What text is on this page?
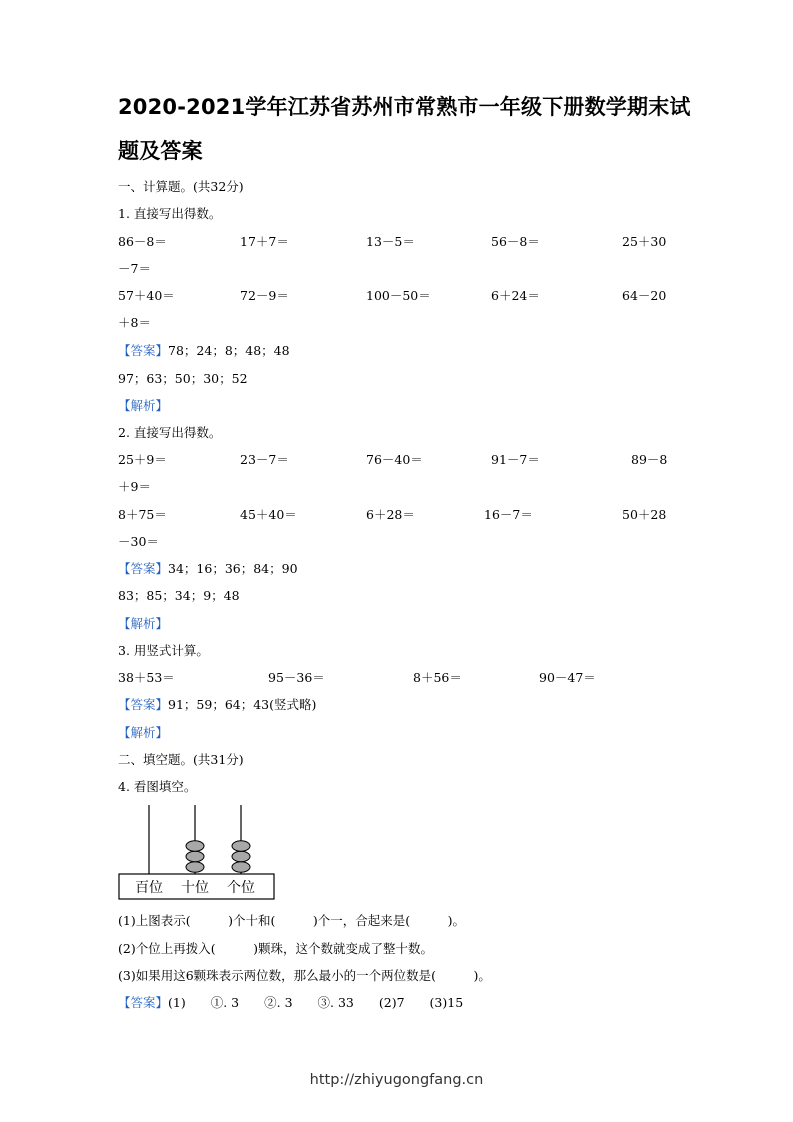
2020-2021学年江苏省苏州市常熟市一年级下册数学期末试
题及答案
一、计算题。(共32分)
1. 直接写出得数。
86－8＝	17＋7＝	13－5＝	56－8＝	25＋30
－7＝
57＋40＝	72－9＝	100－50＝	6＋24＝	64－20
＋8＝
【答案】78；24；8；48；48
97；63；50；30；52
【解析】
2. 直接写出得数。
25＋9＝	23－7＝	76－40＝	91－7＝	89－8
＋9＝
8＋75＝	45＋40＝	6＋28＝	16－7＝	50＋28
－30＝
【答案】34；16；36；84；90
83；85；34；9；48
【解析】
3. 用竖式计算。
38＋53＝	95－36＝	8＋56＝	90－47＝
【答案】91；59；64；43(竖式略)
【解析】
二、填空题。(共31分)
4. 看图填空。
百位 十位 个位
(1)上图表示(　　　)个十和(　　　)个一，合起来是(　　　)。
(2)个位上再拨入(　　　)颗珠，这个数就变成了整十数。
(3)如果用这6颗珠表示两位数，那么最小的一个两位数是(　　　)。
【答案】(1)　　①. 3　　②. 3　　③. 33　　(2)7　　(3)15
http://zhiyugongfang.cn
